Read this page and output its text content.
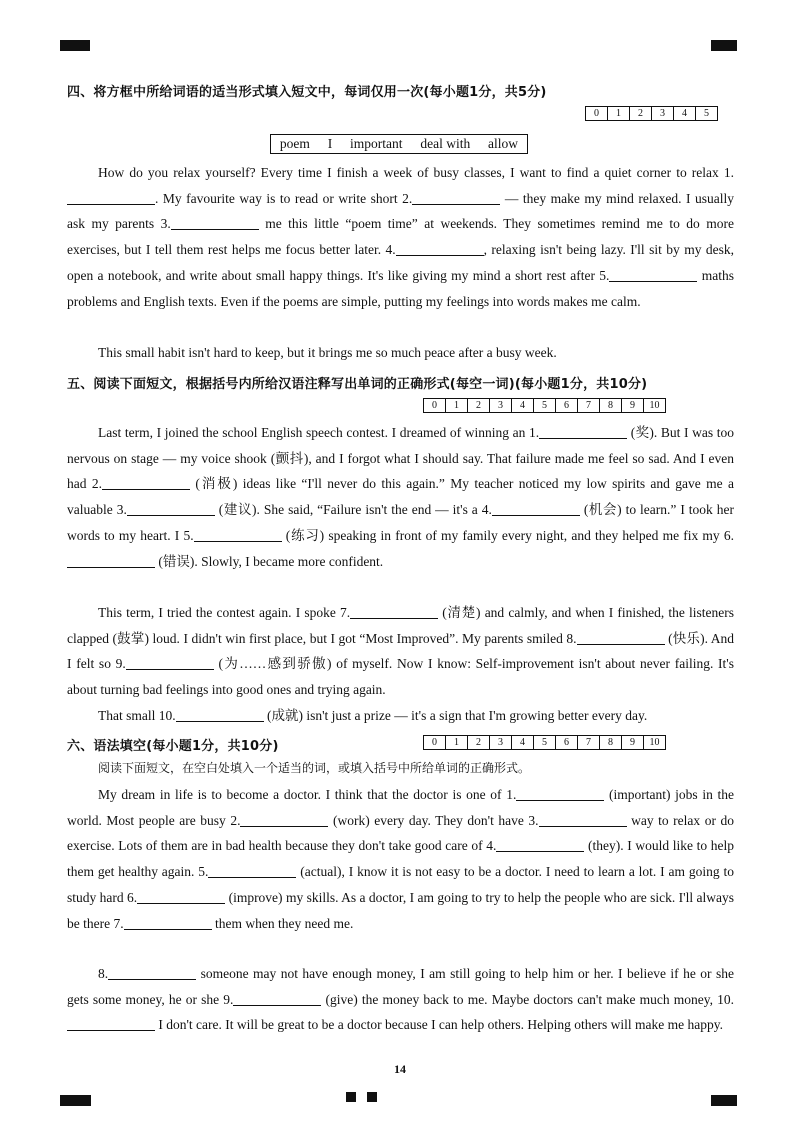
四、将方框中所给词语的适当形式填入短文中，每词仅用一次(每小题1分，共5分)
0	1	2	3	4	5
poem I important deal with allow
How do you relax yourself? Every time I finish a week of busy classes, I want to find a quiet corner to relax 1.. My favourite way is to read or write short 2.	— they make my mind relaxed. I usually ask my parents 3.	me this little “poem time” at weekends. They sometimes remind me to do more exercises, but I tell them rest helps me focus better later. 4.	, relaxing isn't being lazy. I'll sit by my desk, open a notebook, and write about small happy things. It's like giving my mind a short rest after 5.	maths problems and English texts. Even if the poems are simple, putting my feelings into words makes me calm.
This small habit isn't hard to keep, but it brings me so much peace after a busy week.
五、阅读下面短文，根据括号内所给汉语注释写出单词的正确形式(每空一词)(每小题1分，共10分)
0	1	2	3	4	5	6	7	8	9	10
Last term, I joined the school English speech contest. I dreamed of winning an 1.	(奖). But I was too nervous on stage — my voice shook (颤抖), and I forgot what I should say. That failure made me feel so sad. And I even had 2.	(消极) ideas like “I'll never do this again.” My teacher noticed my low spirits and gave me a valuable 3.	(建议). She said, “Failure isn't the end — it's a 4.	(机会) to learn.” I took her words to my heart. I 5.	(练习) speaking in front of my family every night, and they helped me fix my 6. (错误). Slowly, I became more confident.
This term, I tried the contest again. I spoke 7.	(清楚) and calmly, and when I finished, the listeners clapped (鼓掌) loud. I didn't win first place, but I got “Most Improved”. My parents smiled 8.	(快乐). And I felt so 9.	(为……感到骄傲) of myself. Now I know: Self-improvement isn't about never failing. It's about turning bad feelings into good ones and trying again.
That small 10.	(成就) isn't just a prize — it's a sign that I'm growing better every day.
六、语法填空(每小题1分，共10分)	0	1	2	3	4	5	6	7	8	9	10
阅读下面短文，在空白处填入一个适当的词，或填入括号中所给单词的正确形式。
My dream in life is to become a doctor. I think that the doctor is one of 1.	(important) jobs in the world. Most people are busy 2.	(work) every day. They don't have 3.	way to relax or do exercise. Lots of them are in bad health because they don't take good care of 4.	(they). I would like to help them get healthy again. 5.	(actual), I know it is not easy to be a doctor. I need to learn a lot. I am going to study hard 6.	(improve) my skills. As a doctor, I am going to try to help the people who are sick. I'll always be there 7.	them when they need me.
8.	someone may not have enough money, I am still going to help him or her. I believe if he or she gets some money, he or she 9.	(give) the money back to me. Maybe doctors can't make much money, 10. I don't care. It will be great to be a doctor because I can help others. Helping others will make me happy.
14
